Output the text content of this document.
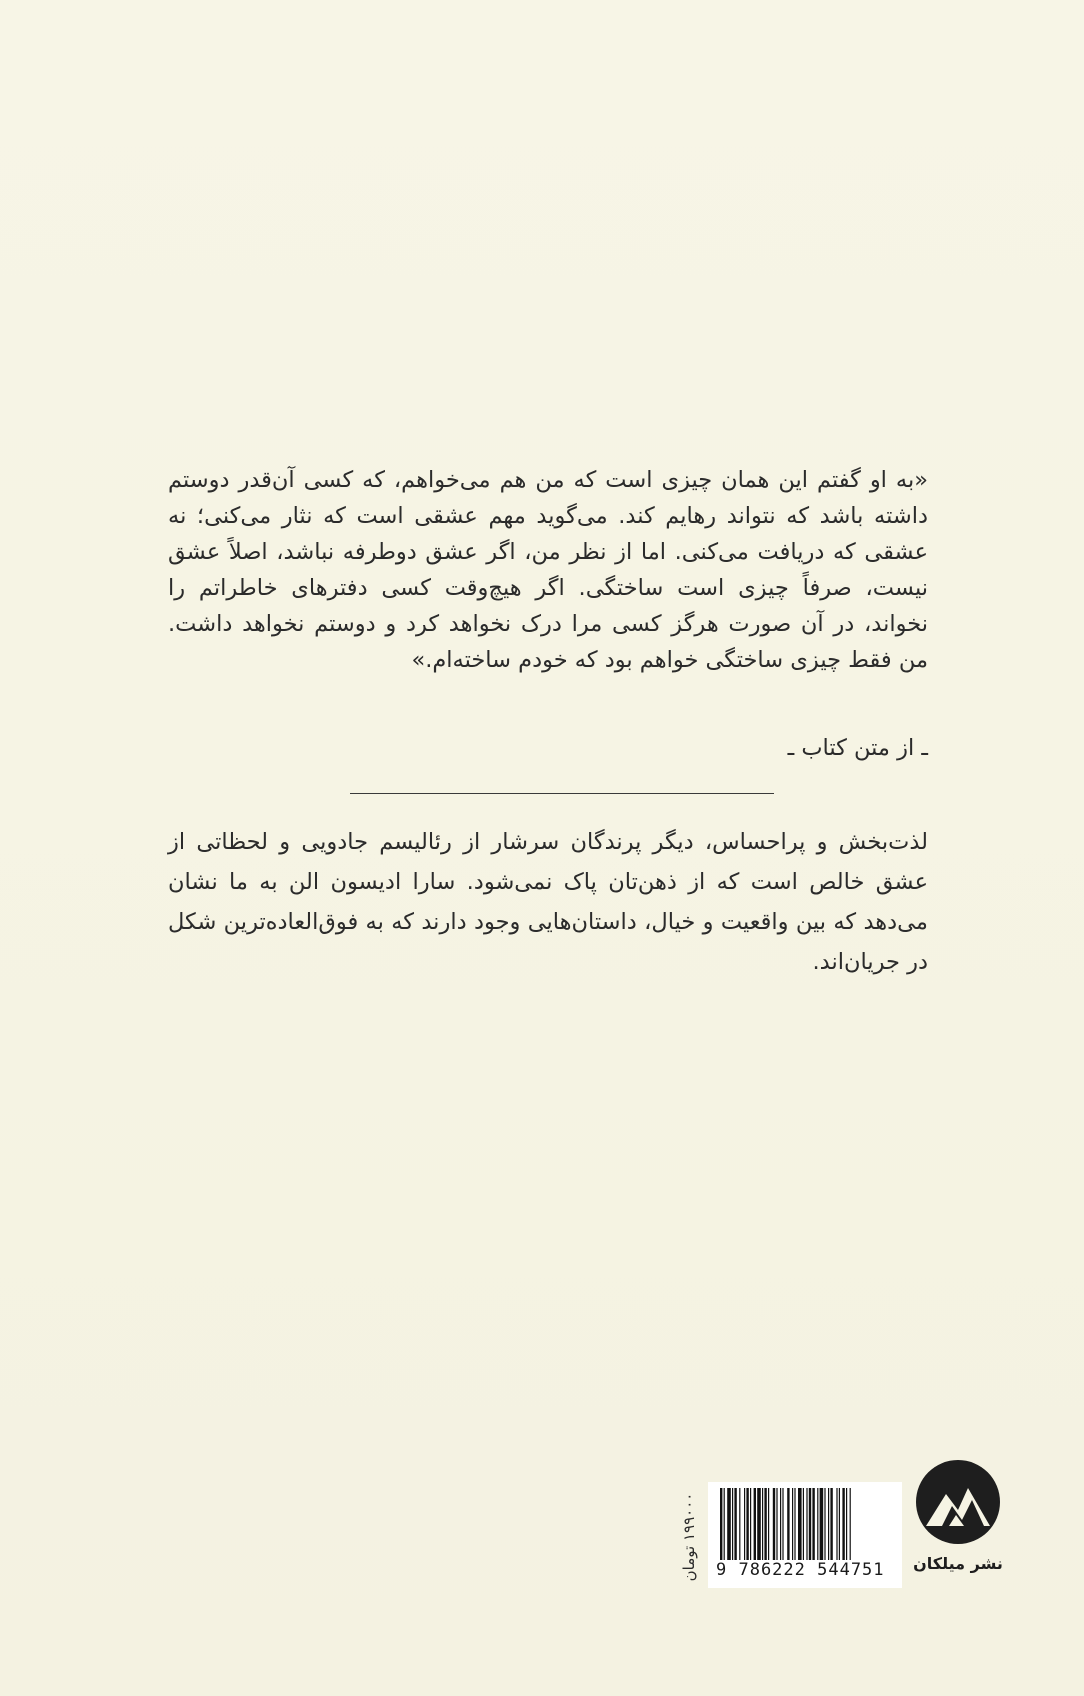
«به او گفتم این همان چیزی است که من هم می‌خواهم، که کسی آن‌قدر دوستم
داشته باشد که نتواند رهایم کند. می‌گوید مهم عشقی است که نثار می‌کنی؛ نه
عشقی که دریافت می‌کنی. اما از نظر من، اگر عشق دوطرفه نباشد، اصلاً عشق
نیست، صرفاً چیزی است ساختگی. اگر هیچ‌وقت کسی دفترهای خاطراتم را
نخواند، در آن صورت هرگز کسی مرا درک نخواهد کرد و دوستم نخواهد داشت.
من فقط چیزی ساختگی خواهم بود که خودم ساخته‌ام.»
ـ از متن کتاب ـ
لذت‌بخش و پراحساس، دیگر پرندگان سرشار از رئالیسم جادویی و لحظاتی از
عشق خالص است که از ذهن‌تان پاک نمی‌شود. سارا ادیسون الن به ما نشان
می‌دهد که بین واقعیت و خیال، داستان‌هایی وجود دارند که به فوق‌العاده‌ترین شکل
در جریان‌اند.
نشر میلکان
9 786222 544751
۱۹۹۰۰۰ تومان
